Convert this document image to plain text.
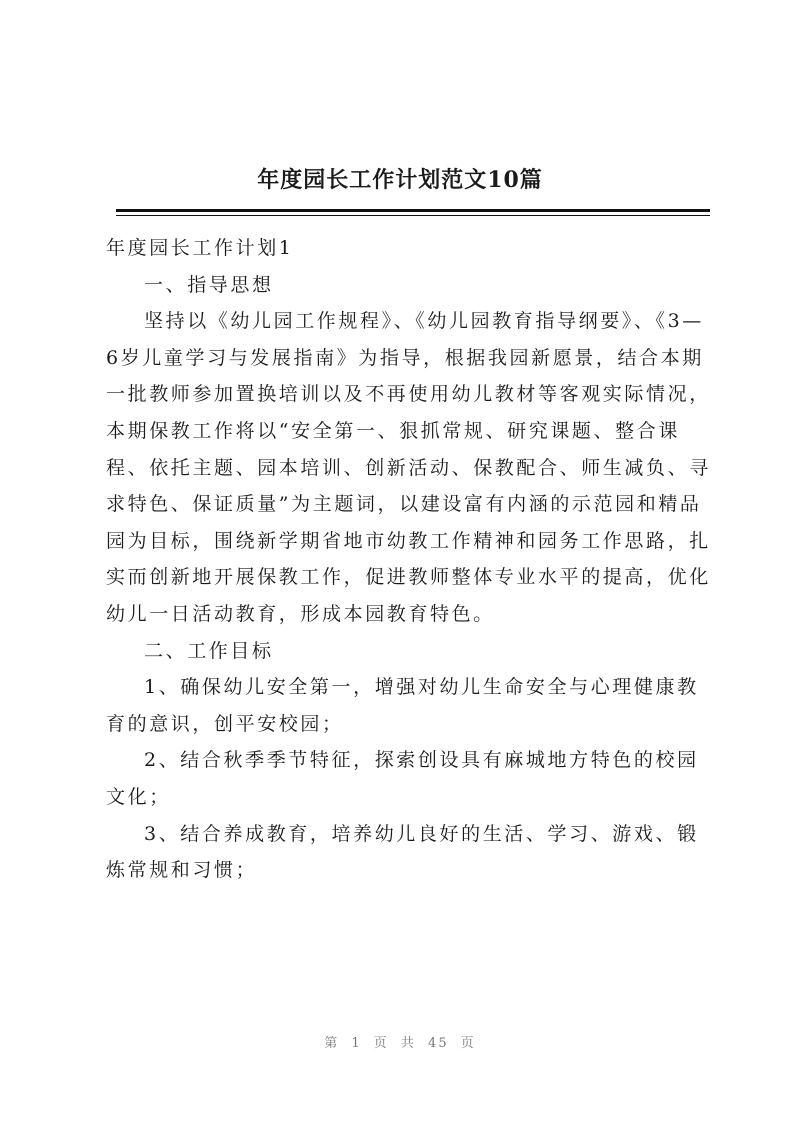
年度园长工作计划范文10篇

年度园长工作计划1

一、指导思想

坚持以《幼儿园工作规程》、《幼儿园教育指导纲要》、《3—6岁儿童学习与发展指南》为指导，根据我园新愿景，结合本期一批教师参加置换培训以及不再使用幼儿教材等客观实际情况，本期保教工作将以“安全第一、狠抓常规、研究课题、整合课程、依托主题、园本培训、创新活动、保教配合、师生减负、寻求特色、保证质量”为主题词，以建设富有内涵的示范园和精品园为目标，围绕新学期省地市幼教工作精神和园务工作思路，扎实而创新地开展保教工作，促进教师整体专业水平的提高，优化幼儿一日活动教育，形成本园教育特色。

二、工作目标

1、确保幼儿安全第一，增强对幼儿生命安全与心理健康教育的意识，创平安校园；

2、结合秋季季节特征，探索创设具有麻城地方特色的校园文化；

3、结合养成教育，培养幼儿良好的生活、学习、游戏、锻炼常规和习惯；

第 1 页 共 45 页
